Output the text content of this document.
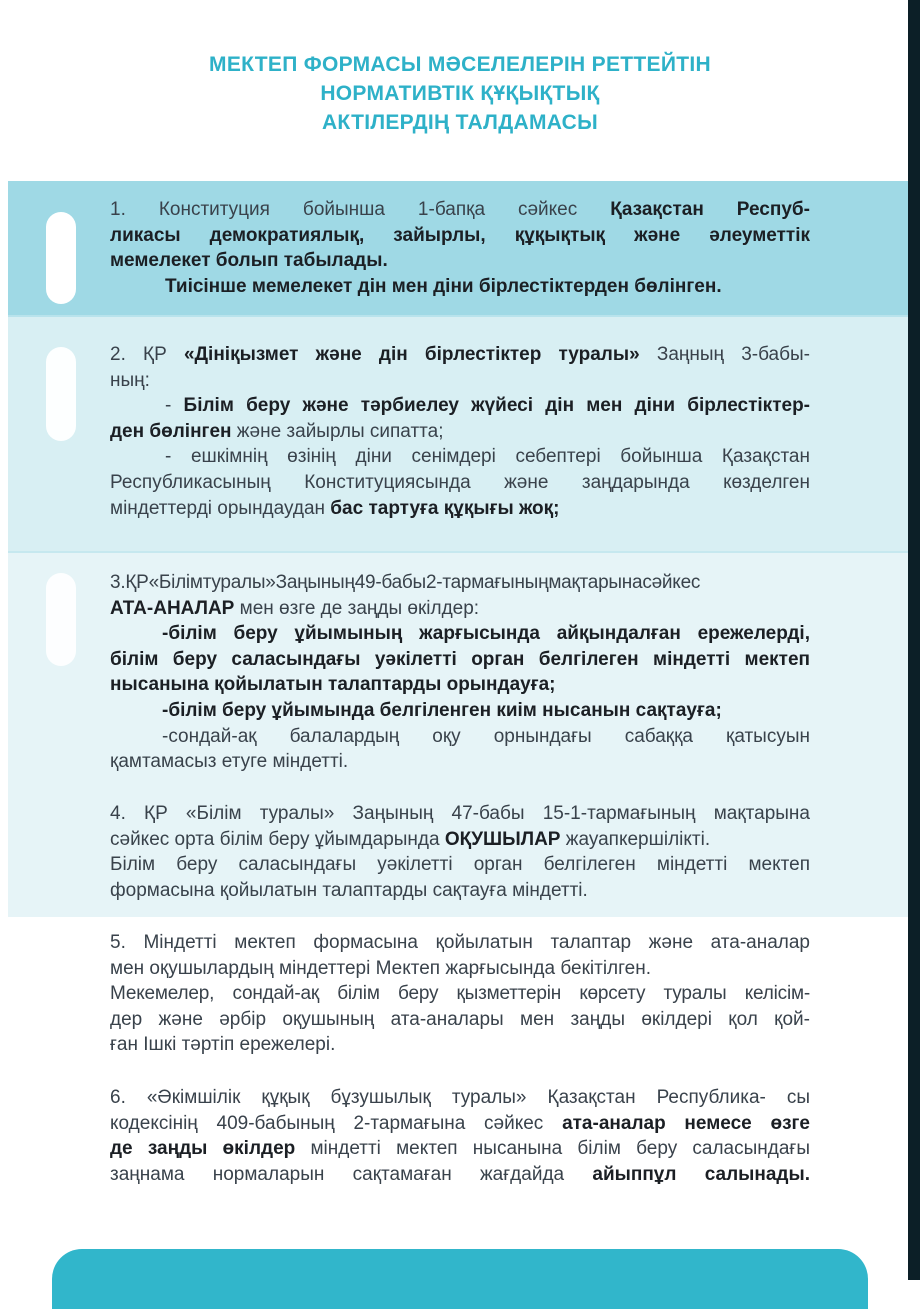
МЕКТЕП ФОРМАСЫ МӘСЕЛЕЛЕРІН РЕТТЕЙТІН
НОРМАТИВТІК ҚҰҚЫҚТЫҚ
АКТІЛЕРДІҢ ТАЛДАМАСЫ
1. Конституция бойынша 1-бапқа сәйкес Қазақстан Респуб-
ликасы демократиялық, зайырлы, құқықтық және әлеуметтік
мемелекет болып табылады.
Тиісінше мемелекет дін мен діни бірлестіктерден бөлінген.
2. ҚР «Дініқызмет және дін бірлестіктер туралы» Заңның 3-бабы-
ның:
- Білім беру және тәрбиелеу жүйесі дін мен діни бірлестіктер-
ден бөлінген және зайырлы сипатта;
- ешкімнің өзінің діни сенімдері себептері бойынша Қазақстан
Республикасының Конституциясында және заңдарында көзделген
міндеттерді орындаудан бас тартуға құқығы жоқ;
3.ҚР«Білімтуралы»Заңының49-бабы2-тармағыныңмақтарынасәйкес
АТА-АНАЛАР мен өзге де заңды өкілдер:
-білім беру ұйымының жарғысында айқындалған ережелерді,
білім беру саласындағы уәкілетті орган белгілеген міндетті мектеп
нысанына қойылатын талаптарды орындауға;
-білім беру ұйымында белгіленген киім нысанын сақтауға;
-сондай-ақ балалардың оқу орнындағы сабаққа қатысуын
қамтамасыз етуге міндетті.
4. ҚР «Білім туралы» Заңының 47-бабы 15-1-тармағының мақтарына
сәйкес орта білім беру ұйымдарында ОҚУШЫЛАР жауапкершілікті.
Білім беру саласындағы уәкілетті орган белгілеген міндетті мектеп
формасына қойылатын талаптарды сақтауға міндетті.
5. Міндетті мектеп формасына қойылатын талаптар және ата-аналар
мен оқушылардың міндеттері Мектеп жарғысында бекітілген.
Мекемелер, сондай-ақ білім беру қызметтерін көрсету туралы келісім-
дер және әрбір оқушының ата-аналары мен заңды өкілдері қол қой-
ған Ішкі тәртіп ережелері.
6. «Әкімшілік құқық бұзушылық туралы» Қазақстан Республика- сы
кодексінің 409-бабының 2-тармағына сәйкес ата-аналар немесе өзге
де заңды өкілдер міндетті мектеп нысанына білім беру саласындағы
заңнама нормаларын сақтамаған жағдайда айыппұл салынады.
